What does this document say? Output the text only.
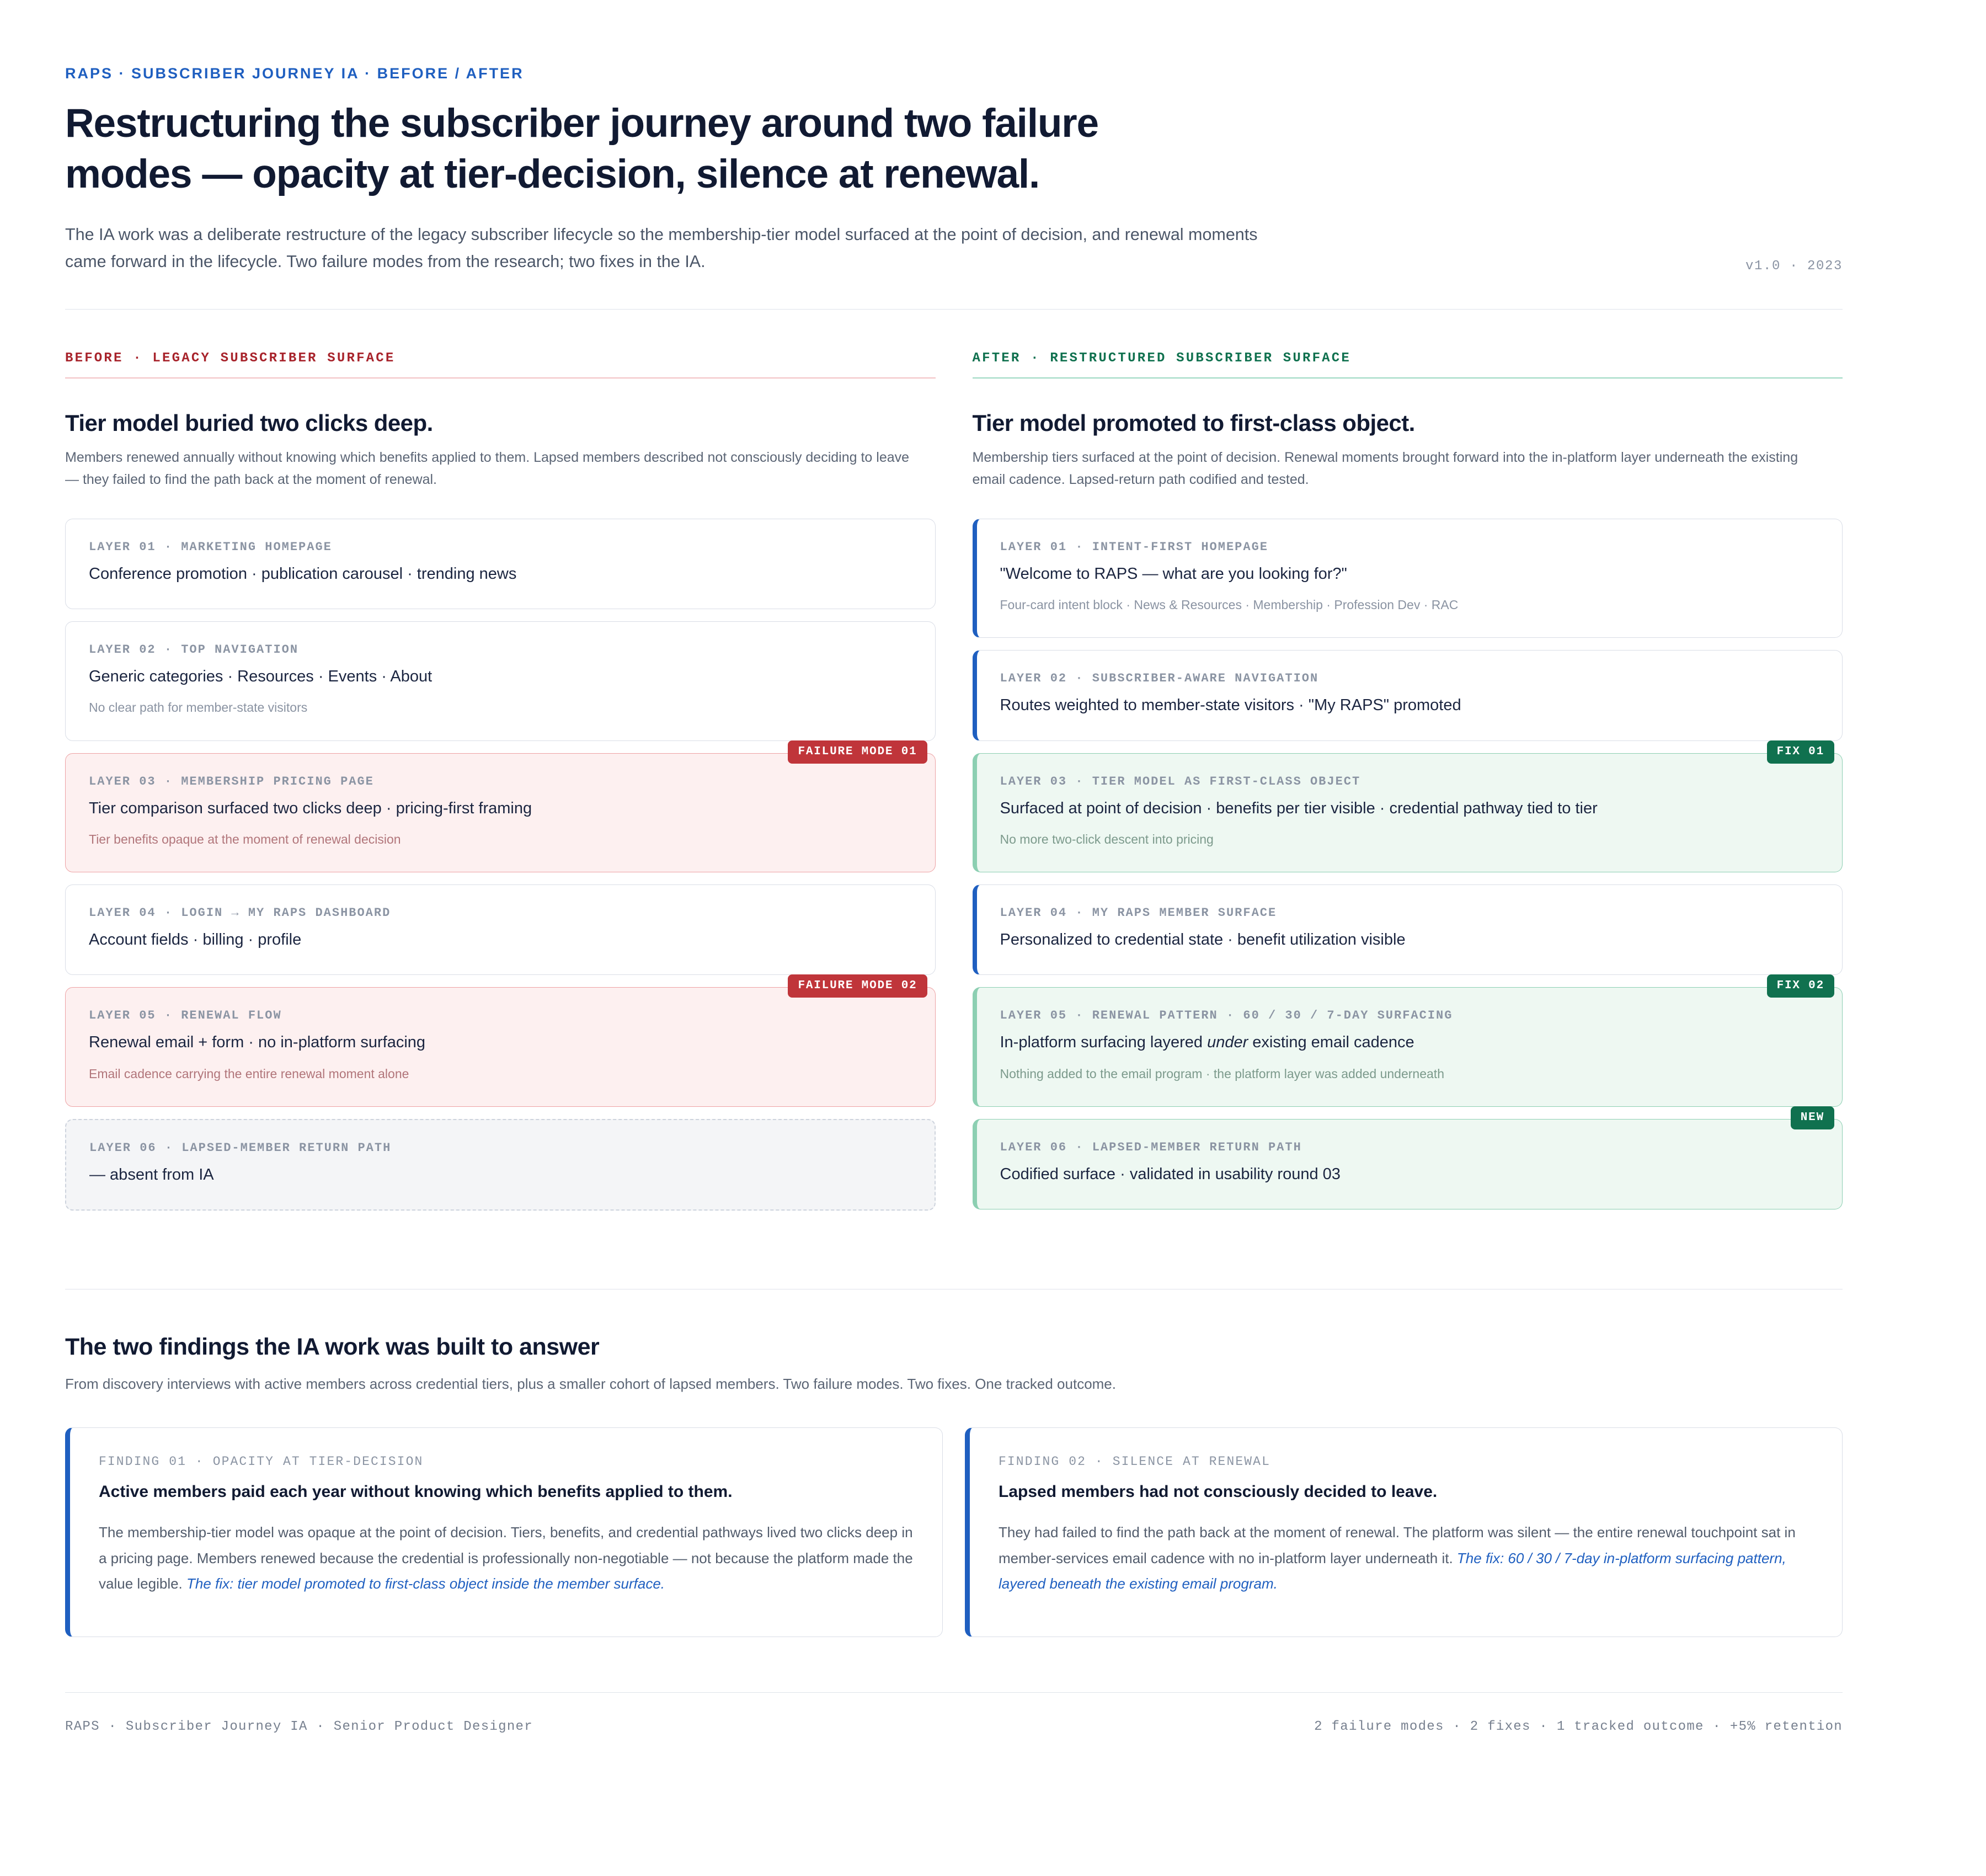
RAPS · SUBSCRIBER JOURNEY IA · BEFORE / AFTER
Restructuring the subscriber journey around two failure modes — opacity at tier-decision, silence at renewal.

The IA work was a deliberate restructure of the legacy subscriber lifecycle so the membership-tier model surfaced at the point of decision, and renewal moments came forward in the lifecycle. Two failure modes from the research; two fixes in the IA.	v1.0 · 2023
BEFORE · LEGACY SUBSCRIBER SURFACE
Tier model buried two clicks deep.

Members renewed annually without knowing which benefits applied to them. Lapsed members described not consciously deciding to leave — they failed to find the path back at the moment of renewal.

LAYER 01 · MARKETING HOMEPAGE
Conference promotion · publication carousel · trending news
LAYER 02 · TOP NAVIGATION
Generic categories · Resources · Events · About
No clear path for member-state visitors
FAILURE MODE 01
LAYER 03 · MEMBERSHIP PRICING PAGE
Tier comparison surfaced two clicks deep · pricing-first framing
Tier benefits opaque at the moment of renewal decision
LAYER 04 · LOGIN → MY RAPS DASHBOARD
Account fields · billing · profile
FAILURE MODE 02
LAYER 05 · RENEWAL FLOW
Renewal email + form · no in-platform surfacing
Email cadence carrying the entire renewal moment alone
LAYER 06 · LAPSED-MEMBER RETURN PATH
— absent from IA
AFTER · RESTRUCTURED SUBSCRIBER SURFACE
Tier model promoted to first-class object.

Membership tiers surfaced at the point of decision. Renewal moments brought forward into the in-platform layer underneath the existing email cadence. Lapsed-return path codified and tested.

LAYER 01 · INTENT-FIRST HOMEPAGE
"Welcome to RAPS — what are you looking for?"
Four-card intent block · News & Resources · Membership · Profession Dev · RAC
LAYER 02 · SUBSCRIBER-AWARE NAVIGATION
Routes weighted to member-state visitors · "My RAPS" promoted
FIX 01
LAYER 03 · TIER MODEL AS FIRST-CLASS OBJECT
Surfaced at point of decision · benefits per tier visible · credential pathway tied to tier
No more two-click descent into pricing
LAYER 04 · MY RAPS MEMBER SURFACE
Personalized to credential state · benefit utilization visible
FIX 02
LAYER 05 · RENEWAL PATTERN · 60 / 30 / 7-DAY SURFACING
In-platform surfacing layered under existing email cadence
Nothing added to the email program · the platform layer was added underneath
NEW
LAYER 06 · LAPSED-MEMBER RETURN PATH
Codified surface · validated in usability round 03
The two findings the IA work was built to answer

From discovery interviews with active members across credential tiers, plus a smaller cohort of lapsed members. Two failure modes. Two fixes. One tracked outcome.

FINDING 01 · OPACITY AT TIER-DECISION
Active members paid each year without knowing which benefits applied to them.
The membership-tier model was opaque at the point of decision. Tiers, benefits, and credential pathways lived two clicks deep in a pricing page. Members renewed because the credential is professionally non-negotiable — not because the platform made the value legible. The fix: tier model promoted to first-class object inside the member surface.
FINDING 02 · SILENCE AT RENEWAL
Lapsed members had not consciously decided to leave.
They had failed to find the path back at the moment of renewal. The platform was silent — the entire renewal touchpoint sat in member-services email cadence with no in-platform layer underneath it. The fix: 60 / 30 / 7-day in-platform surfacing pattern, layered beneath the existing email program.
RAPS · Subscriber Journey IA · Senior Product Designer	2 failure modes · 2 fixes · 1 tracked outcome · +5% retention
